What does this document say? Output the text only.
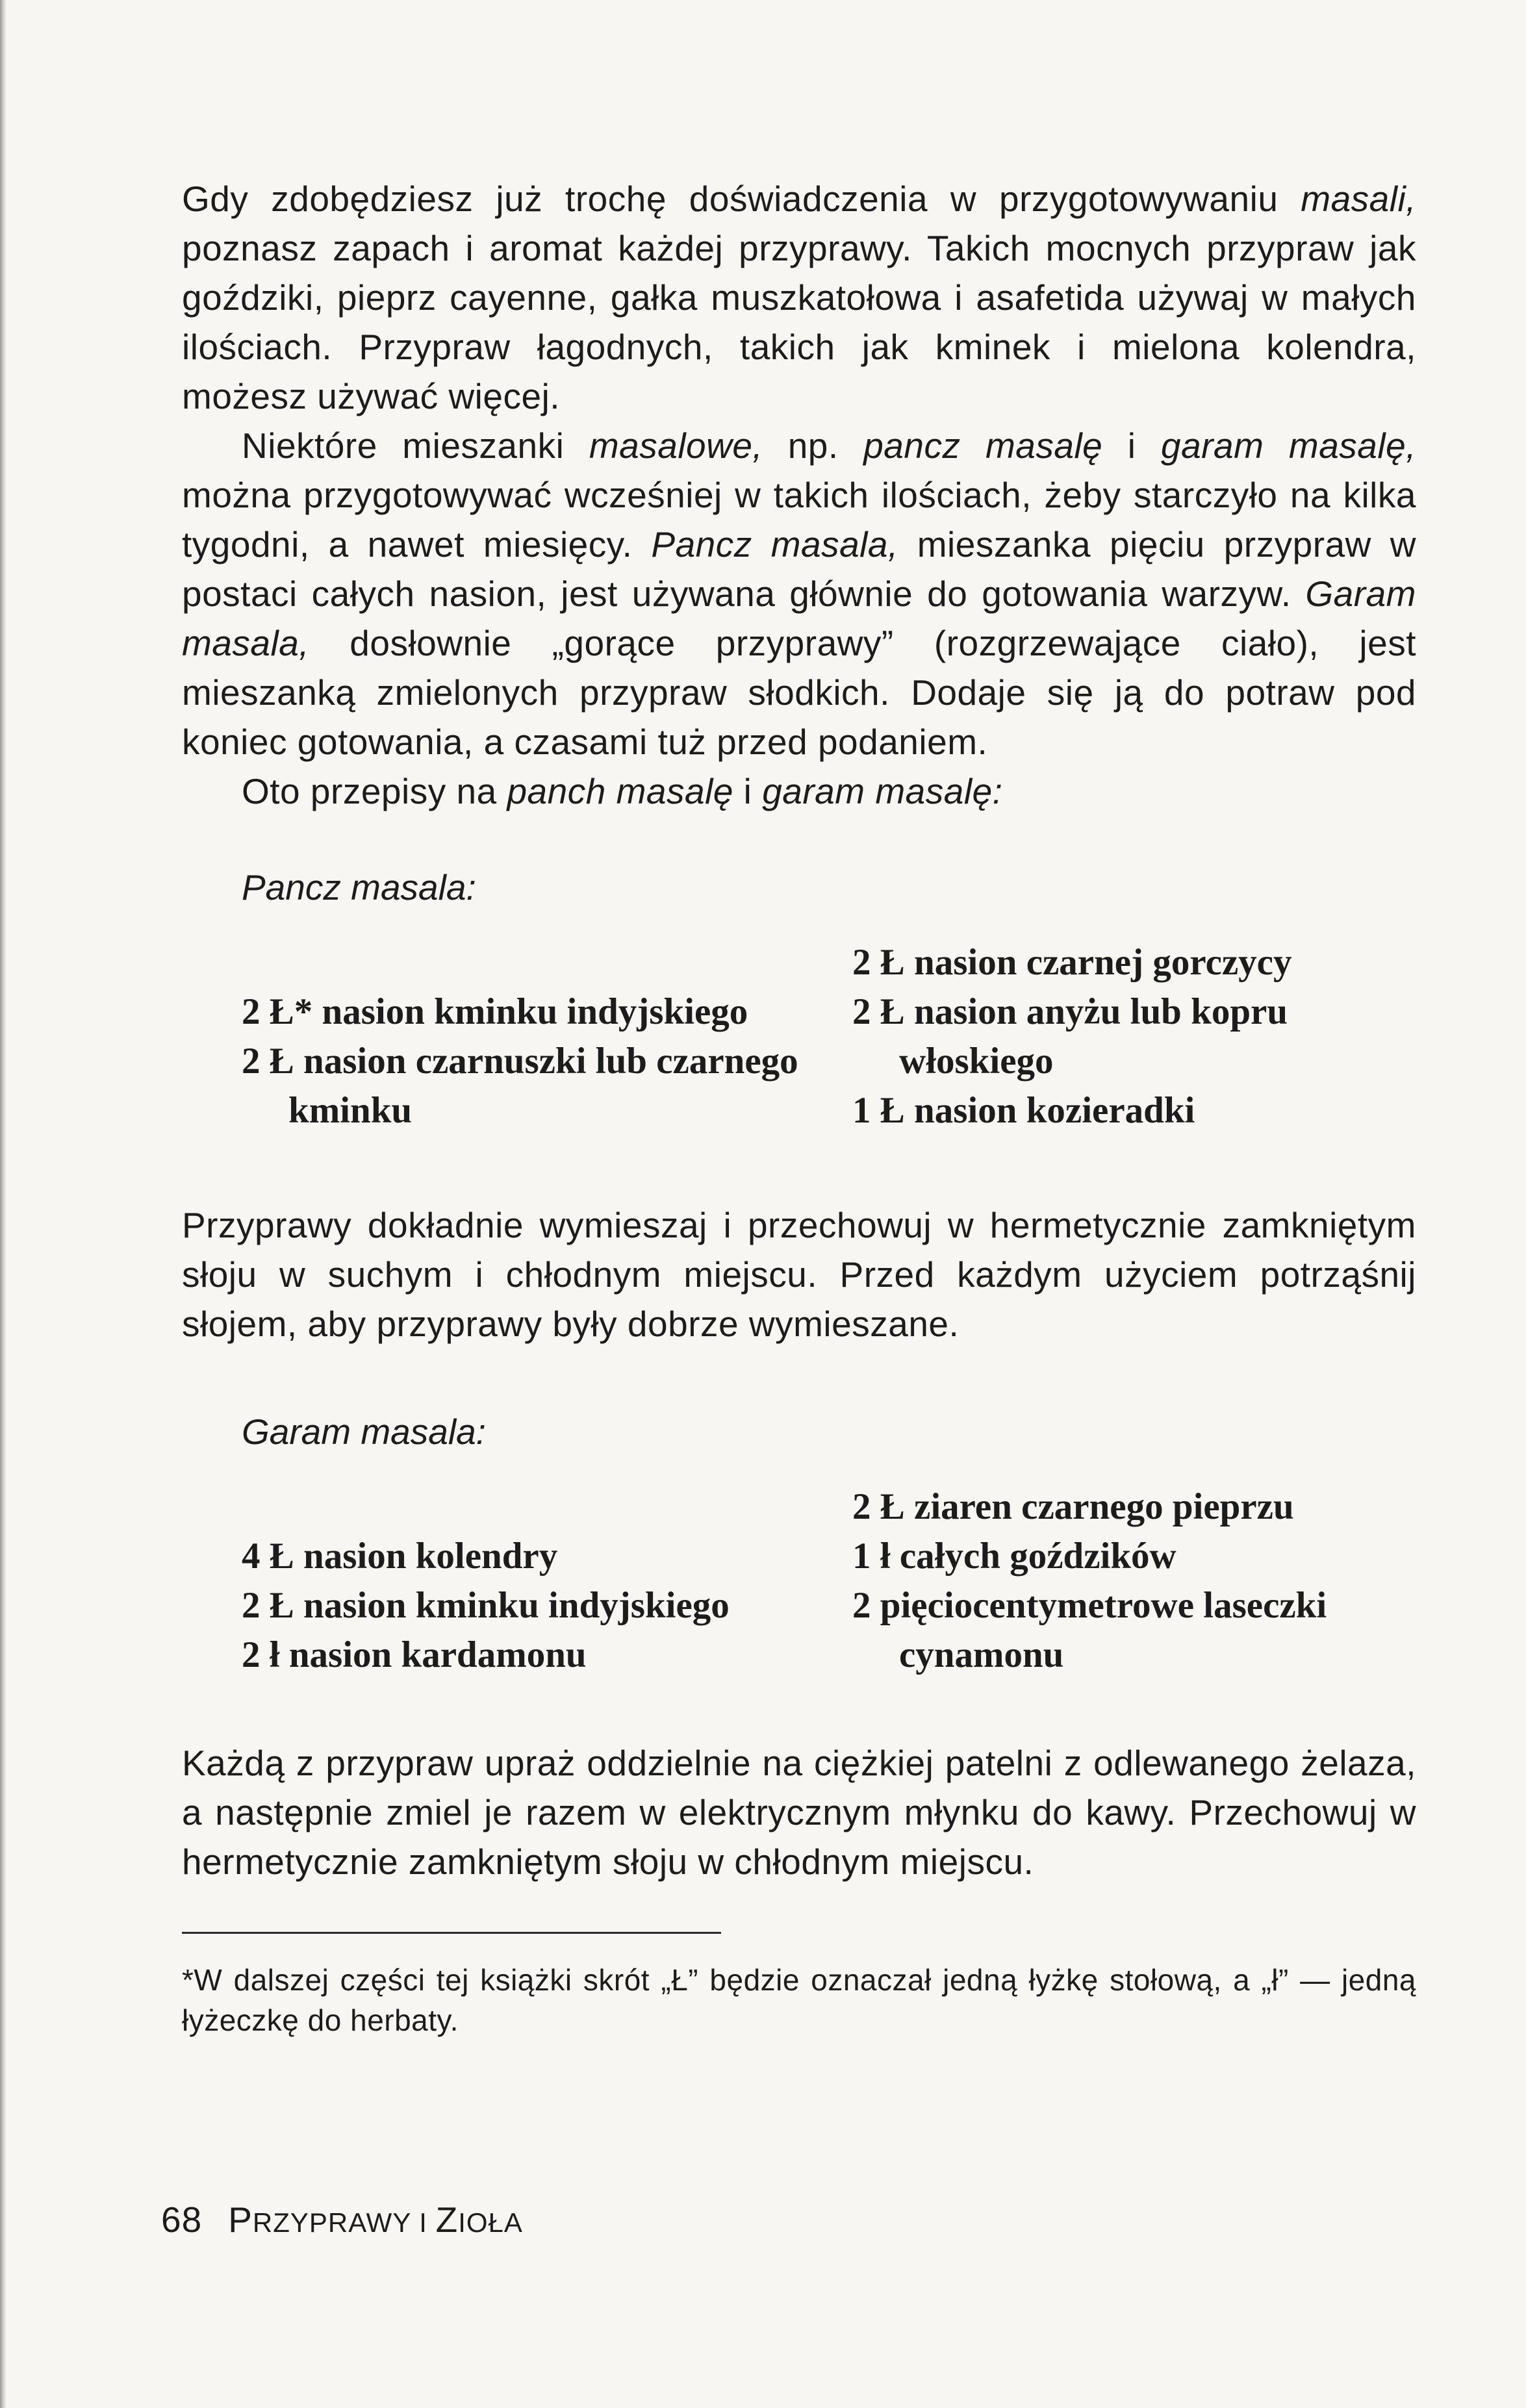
Gdy zdobędziesz już trochę doświadczenia w przygotowywaniu masali, poznasz zapach i aromat każdej przyprawy. Takich mocnych przypraw jak goździki, pieprz cayenne, gałka muszkatołowa i asafetida używaj w małych ilościach. Przypraw łagodnych, takich jak kminek i mielona kolendra, możesz używać więcej.

Niektóre mieszanki masalowe, np. pancz masalę i garam masalę, można przygotowywać wcześniej w takich ilościach, żeby starczyło na kilka tygodni, a nawet miesięcy. Pancz masala, mieszanka pięciu przypraw w postaci całych nasion, jest używana głównie do gotowania warzyw. Garam masala, dosłownie „gorące przyprawy” (rozgrzewające ciało), jest mieszanką zmielonych przypraw słodkich. Dodaje się ją do potraw pod koniec gotowania, a czasami tuż przed podaniem.

Oto przepisy na panch masalę i garam masalę:

Pancz masala:
2 Ł* nasion kminku indyjskiego
2 Ł nasion czarnuszki lub czarnego kminku
2 Ł nasion czarnej gorczycy
2 Ł nasion anyżu lub kopru włoskiego
1 Ł nasion kozieradki

Przyprawy dokładnie wymieszaj i przechowuj w hermetycznie zamkniętym słoju w suchym i chłodnym miejscu. Przed każdym użyciem potrząśnij słojem, aby przyprawy były dobrze wymieszane.

Garam masala:
4 Ł nasion kolendry
2 Ł nasion kminku indyjskiego
2 ł nasion kardamonu
2 Ł ziaren czarnego pieprzu
1 ł całych goździków
2 pięciocentymetrowe laseczki cynamonu

Każdą z przypraw upraż oddzielnie na ciężkiej patelni z odlewanego żelaza, a następnie zmiel je razem w elektrycznym młynku do kawy. Przechowuj w hermetycznie zamkniętym słoju w chłodnym miejscu.

*W dalszej części tej książki skrót „Ł” będzie oznaczał jedną łyżkę stołową, a „ł” — jedną łyżeczkę do herbaty.

68 PRZYPRAWY I ZIOŁA
